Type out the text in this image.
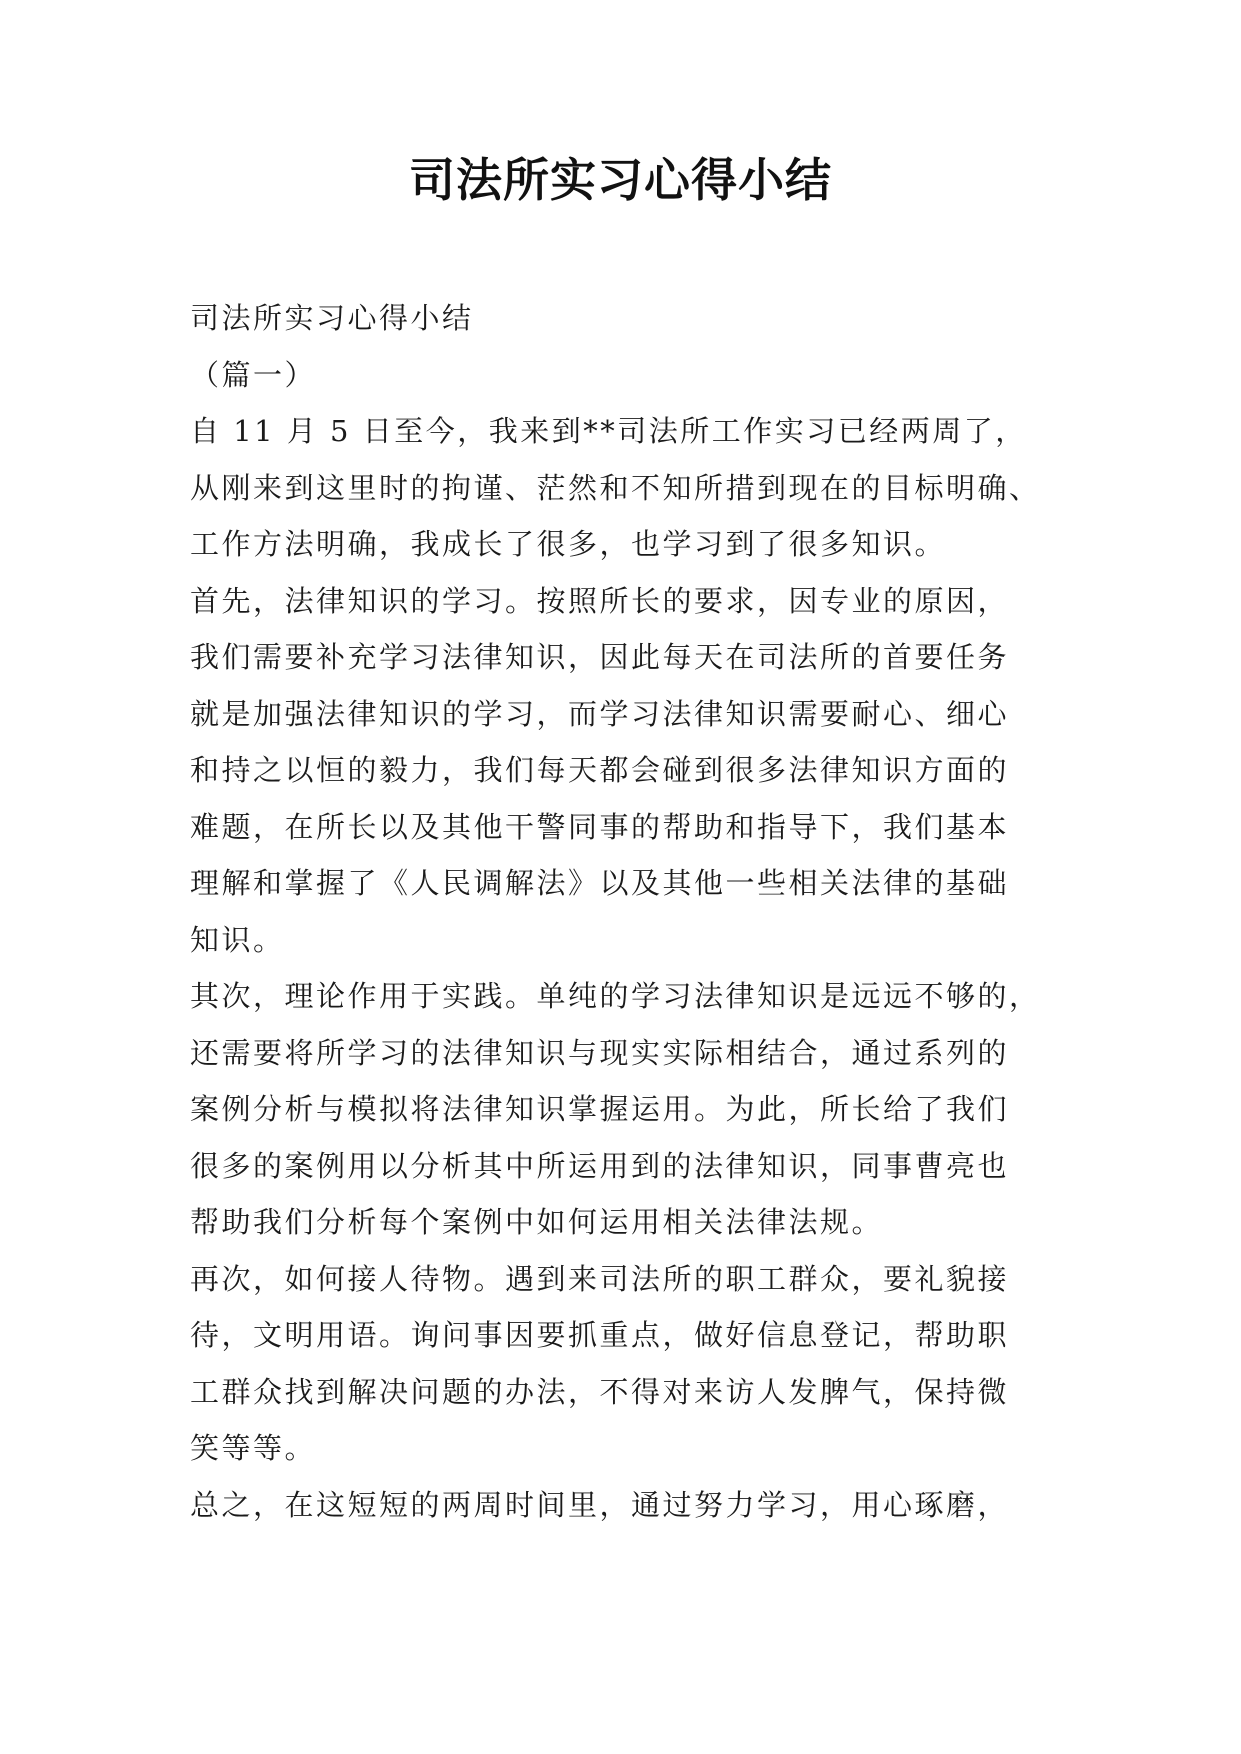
司法所实习心得小结
司法所实习心得小结
（篇一）
自 11 月 5 日至今，我来到**司法所工作实习已经两周了，
从刚来到这里时的拘谨、茫然和不知所措到现在的目标明确、
工作方法明确，我成长了很多，也学习到了很多知识。
首先，法律知识的学习。按照所长的要求，因专业的原因，
我们需要补充学习法律知识，因此每天在司法所的首要任务
就是加强法律知识的学习，而学习法律知识需要耐心、细心
和持之以恒的毅力，我们每天都会碰到很多法律知识方面的
难题，在所长以及其他干警同事的帮助和指导下，我们基本
理解和掌握了《人民调解法》以及其他一些相关法律的基础
知识。
其次，理论作用于实践。单纯的学习法律知识是远远不够的，
还需要将所学习的法律知识与现实实际相结合，通过系列的
案例分析与模拟将法律知识掌握运用。为此，所长给了我们
很多的案例用以分析其中所运用到的法律知识，同事曹亮也
帮助我们分析每个案例中如何运用相关法律法规。
再次，如何接人待物。遇到来司法所的职工群众，要礼貌接
待，文明用语。询问事因要抓重点，做好信息登记，帮助职
工群众找到解决问题的办法，不得对来访人发脾气，保持微
笑等等。
总之，在这短短的两周时间里，通过努力学习，用心琢磨，
